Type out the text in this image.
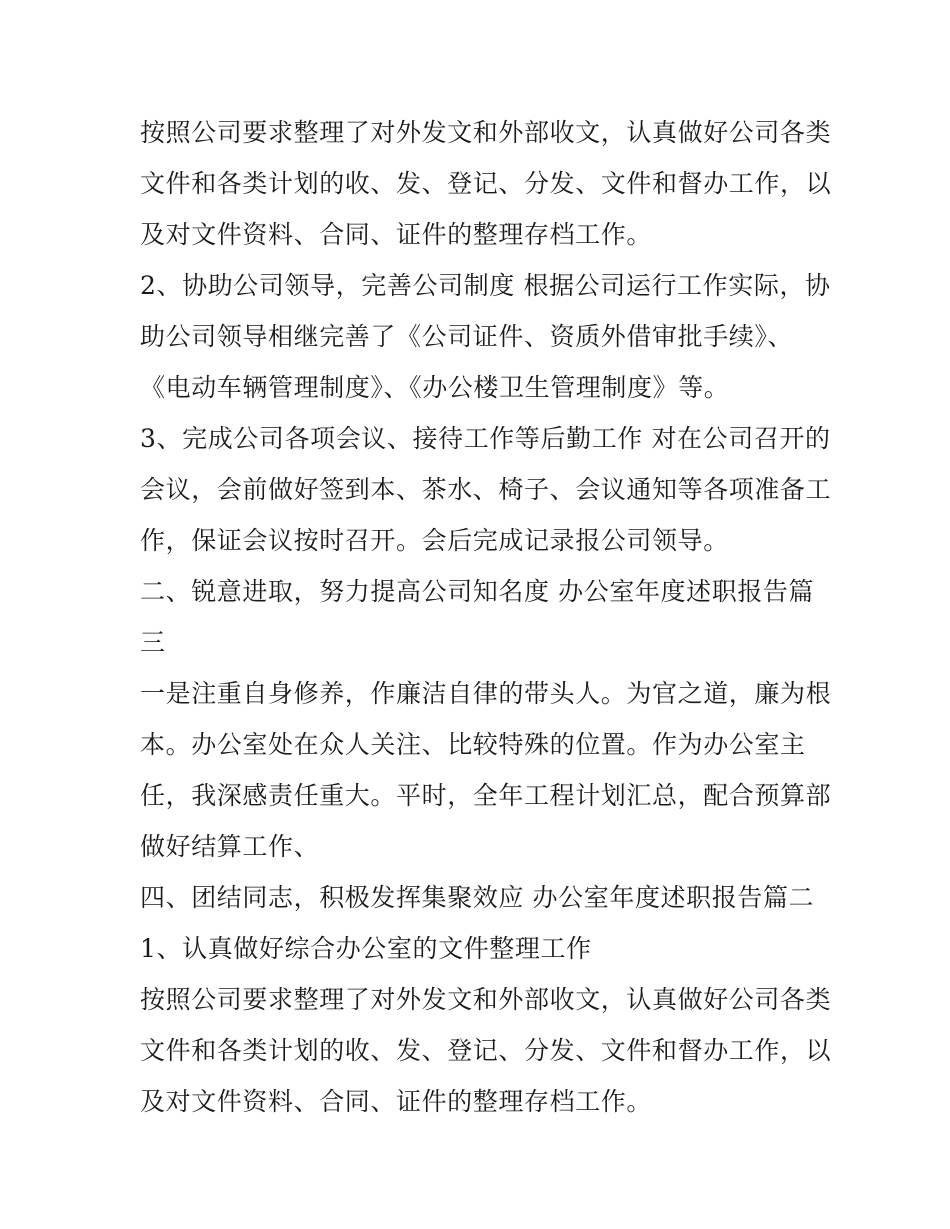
按照公司要求整理了对外发文和外部收文，认真做好公司各类
文件和各类计划的收、发、登记、分发、文件和督办工作，以
及对文件资料、合同、证件的整理存档工作。
2、协助公司领导，完善公司制度 根据公司运行工作实际，协
助公司领导相继完善了《公司证件、资质外借审批手续》、
《电动车辆管理制度》、《办公楼卫生管理制度》等。
3、完成公司各项会议、接待工作等后勤工作 对在公司召开的
会议，会前做好签到本、茶水、椅子、会议通知等各项准备工
作，保证会议按时召开。会后完成记录报公司领导。
二、锐意进取，努力提高公司知名度 办公室年度述职报告篇
三
一是注重自身修养，作廉洁自律的带头人。为官之道，廉为根
本。办公室处在众人关注、比较特殊的位置。作为办公室主
任，我深感责任重大。平时，全年工程计划汇总，配合预算部
做好结算工作、
四、团结同志，积极发挥集聚效应 办公室年度述职报告篇二
1、认真做好综合办公室的文件整理工作
按照公司要求整理了对外发文和外部收文，认真做好公司各类
文件和各类计划的收、发、登记、分发、文件和督办工作，以
及对文件资料、合同、证件的整理存档工作。
